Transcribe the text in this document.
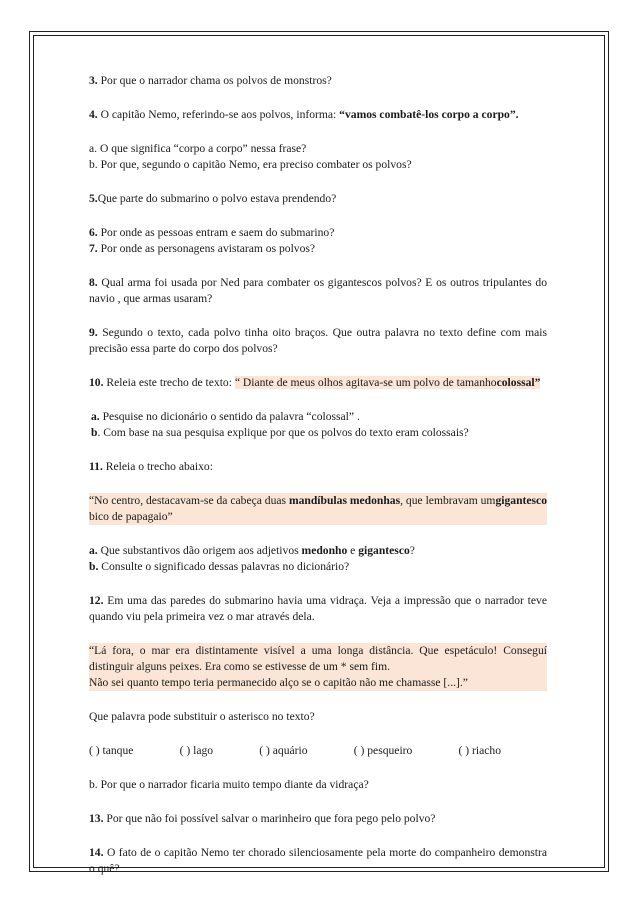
3. Por que o narrador chama os polvos de monstros?
4. O capitão Nemo, referindo-se aos polvos, informa: “vamos combatê-los corpo a corpo”.
a. O que significa “corpo a corpo” nessa frase?
b. Por que, segundo o capitão Nemo, era preciso combater os polvos?
5.Que parte do submarino o polvo estava prendendo?
6. Por onde as pessoas entram e saem do submarino?
7. Por onde as personagens avistaram os polvos?
8. Qual arma foi usada por Ned para combater os gigantescos polvos? E os outros tripulantes do navio , que armas usaram?
9. Segundo o texto, cada polvo tinha oito braços. Que outra palavra no texto define com mais precisão essa parte do corpo dos polvos?
10. Releia este trecho de texto: “ Diante de meus olhos agitava-se um polvo de tamanhocolossal”
a. Pesquise no dicionário o sentido da palavra “colossal” .
b. Com base na sua pesquisa explique por que os polvos do texto eram colossais?
11. Releia o trecho abaixo:
“No centro, destacavam-se da cabeça duas mandíbulas medonhas, que lembravam umgigantesco bico de papagaio”
a. Que substantivos dão origem aos adjetivos medonho e gigantesco?
b. Consulte o significado dessas palavras no dicionário?
12. Em uma das paredes do submarino havia uma vidraça. Veja a impressão que o narrador teve quando viu pela primeira vez o mar através dela.
“Lá fora, o mar era distintamente visível a uma longa distância. Que espetáculo! Conseguí distinguir alguns peixes. Era como se estivesse de um * sem fim.
Não sei quanto tempo teria permanecido alço se o capitão não me chamasse [...].”
Que palavra pode substituir o asterisco no texto?
( ) tanque	( ) lago	( ) aquário	( ) pesqueiro	( ) riacho
b. Por que o narrador ficaria muito tempo diante da vidraça?
13. Por que não foi possível salvar o marinheiro que fora pego pelo polvo?
14. O fato de o capitão Nemo ter chorado silenciosamente pela morte do companheiro demonstra o quê?
